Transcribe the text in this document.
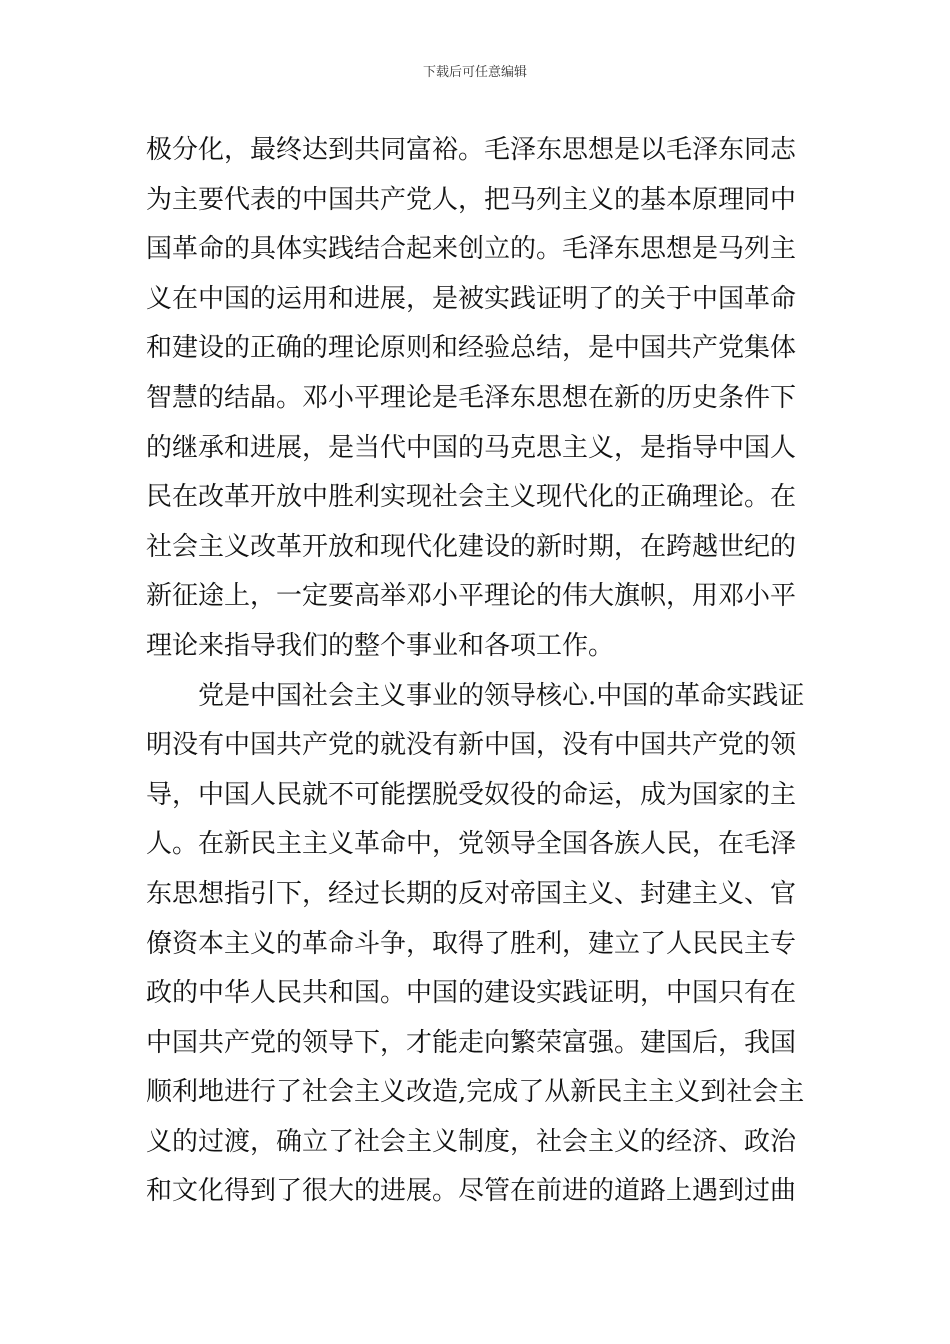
下载后可任意编辑
极分化，最终达到共同富裕。毛泽东思想是以毛泽东同志
为主要代表的中国共产党人，把马列主义的基本原理同中
国革命的具体实践结合起来创立的。毛泽东思想是马列主
义在中国的运用和进展，是被实践证明了的关于中国革命
和建设的正确的理论原则和经验总结，是中国共产党集体
智慧的结晶。邓小平理论是毛泽东思想在新的历史条件下
的继承和进展，是当代中国的马克思主义，是指导中国人
民在改革开放中胜利实现社会主义现代化的正确理论。在
社会主义改革开放和现代化建设的新时期，在跨越世纪的
新征途上，一定要高举邓小平理论的伟大旗帜，用邓小平
理论来指导我们的整个事业和各项工作。
　　党是中国社会主义事业的领导核心.中国的革命实践证
明没有中国共产党的就没有新中国，没有中国共产党的领
导，中国人民就不可能摆脱受奴役的命运，成为国家的主
人。在新民主主义革命中，党领导全国各族人民，在毛泽
东思想指引下，经过长期的反对帝国主义、封建主义、官
僚资本主义的革命斗争，取得了胜利，建立了人民民主专
政的中华人民共和国。中国的建设实践证明，中国只有在
中国共产党的领导下，才能走向繁荣富强。建国后，我国
顺利地进行了社会主义改造,完成了从新民主主义到社会主
义的过渡，确立了社会主义制度，社会主义的经济、政治
和文化得到了很大的进展。尽管在前进的道路上遇到过曲
